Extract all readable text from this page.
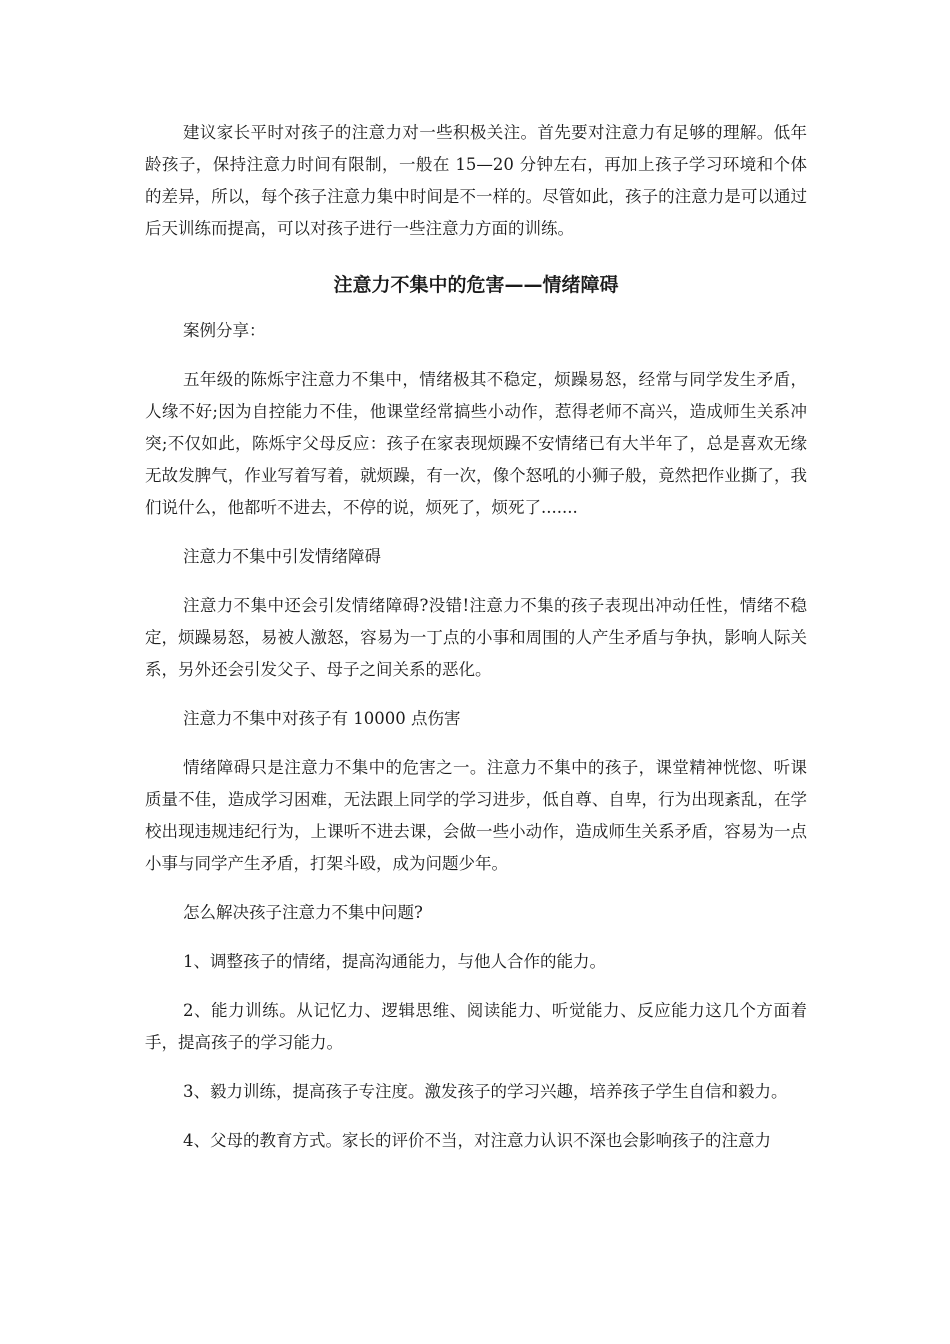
建议家长平时对孩子的注意力对一些积极关注。首先要对注意力有足够的理解。低年龄孩子，保持注意力时间有限制，一般在 15—20 分钟左右，再加上孩子学习环境和个体的差异，所以，每个孩子注意力集中时间是不一样的。尽管如此，孩子的注意力是可以通过后天训练而提高，可以对孩子进行一些注意力方面的训练。

注意力不集中的危害——情绪障碍

案例分享：

五年级的陈烁宇注意力不集中，情绪极其不稳定，烦躁易怒，经常与同学发生矛盾，人缘不好;因为自控能力不佳，他课堂经常搞些小动作，惹得老师不高兴，造成师生关系冲突;不仅如此，陈烁宇父母反应：孩子在家表现烦躁不安情绪已有大半年了，总是喜欢无缘无故发脾气，作业写着写着，就烦躁，有一次，像个怒吼的小狮子般，竟然把作业撕了，我们说什么，他都听不进去，不停的说，烦死了，烦死了.......

注意力不集中引发情绪障碍

注意力不集中还会引发情绪障碍?没错!注意力不集的孩子表现出冲动任性，情绪不稳定，烦躁易怒，易被人激怒，容易为一丁点的小事和周围的人产生矛盾与争执，影响人际关系，另外还会引发父子、母子之间关系的恶化。

注意力不集中对孩子有 10000 点伤害

情绪障碍只是注意力不集中的危害之一。注意力不集中的孩子，课堂精神恍惚、听课质量不佳，造成学习困难，无法跟上同学的学习进步，低自尊、自卑，行为出现紊乱，在学校出现违规违纪行为，上课听不进去课，会做一些小动作，造成师生关系矛盾，容易为一点小事与同学产生矛盾，打架斗殴，成为问题少年。

怎么解决孩子注意力不集中问题?

1、调整孩子的情绪，提高沟通能力，与他人合作的能力。

2、能力训练。从记忆力、逻辑思维、阅读能力、听觉能力、反应能力这几个方面着手，提高孩子的学习能力。

3、毅力训练，提高孩子专注度。激发孩子的学习兴趣，培养孩子学生自信和毅力。

4、父母的教育方式。家长的评价不当，对注意力认识不深也会影响孩子的注意力
